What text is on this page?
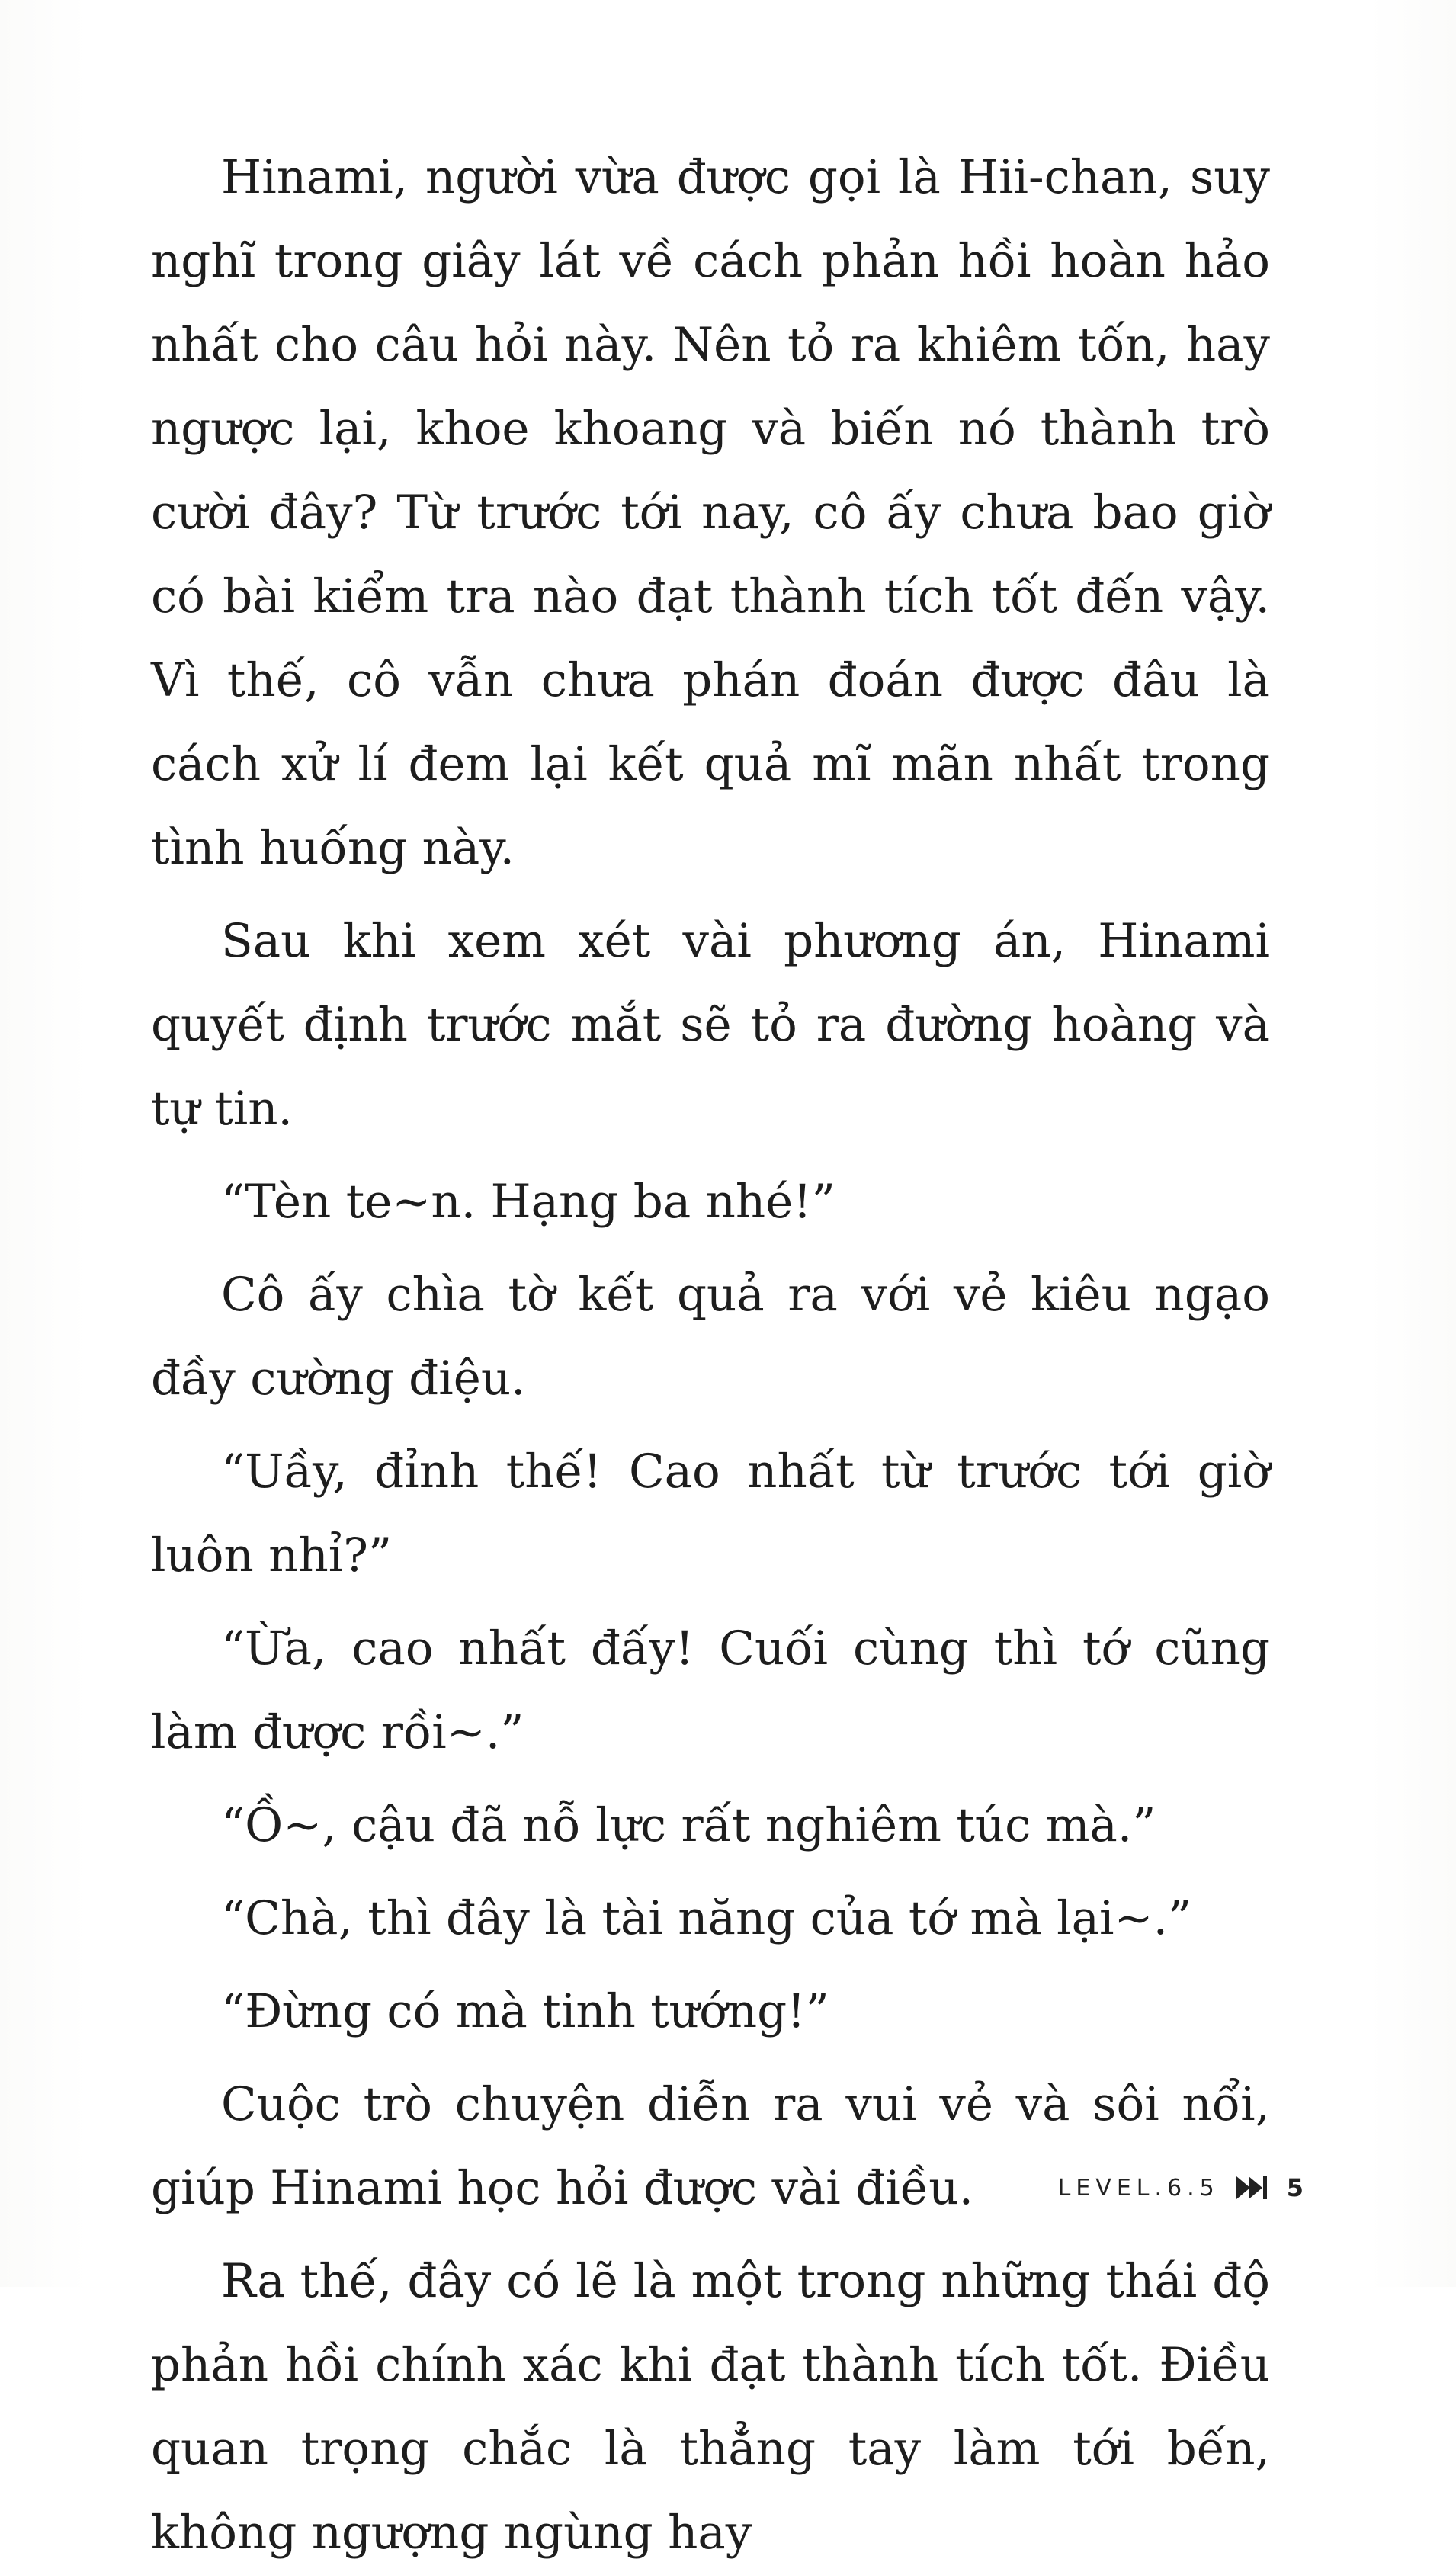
Hinami, người vừa được gọi là Hii-chan, suy nghĩ trong giây lát về cách phản hồi hoàn hảo nhất cho câu hỏi này. Nên tỏ ra khiêm tốn, hay ngược lại, khoe khoang và biến nó thành trò cười đây? Từ trước tới nay, cô ấy chưa bao giờ có bài kiểm tra nào đạt thành tích tốt đến vậy. Vì thế, cô vẫn chưa phán đoán được đâu là cách xử lí đem lại kết quả mĩ mãn nhất trong tình huống này.

Sau khi xem xét vài phương án, Hinami quyết định trước mắt sẽ tỏ ra đường hoàng và tự tin.

“Tèn te~n. Hạng ba nhé!”

Cô ấy chìa tờ kết quả ra với vẻ kiêu ngạo đầy cường điệu.

“Uầy, đỉnh thế! Cao nhất từ trước tới giờ luôn nhỉ?”

“Ừa, cao nhất đấy! Cuối cùng thì tớ cũng làm được rồi~.”

“Ồ~, cậu đã nỗ lực rất nghiêm túc mà.”

“Chà, thì đây là tài năng của tớ mà lại~.”

“Đừng có mà tinh tướng!”

Cuộc trò chuyện diễn ra vui vẻ và sôi nổi, giúp Hinami học hỏi được vài điều.

Ra thế, đây có lẽ là một trong những thái độ phản hồi chính xác khi đạt thành tích tốt. Điều quan trọng chắc là thẳng tay làm tới bến, không ngượng ngùng hay

LEVEL.6.5	5
